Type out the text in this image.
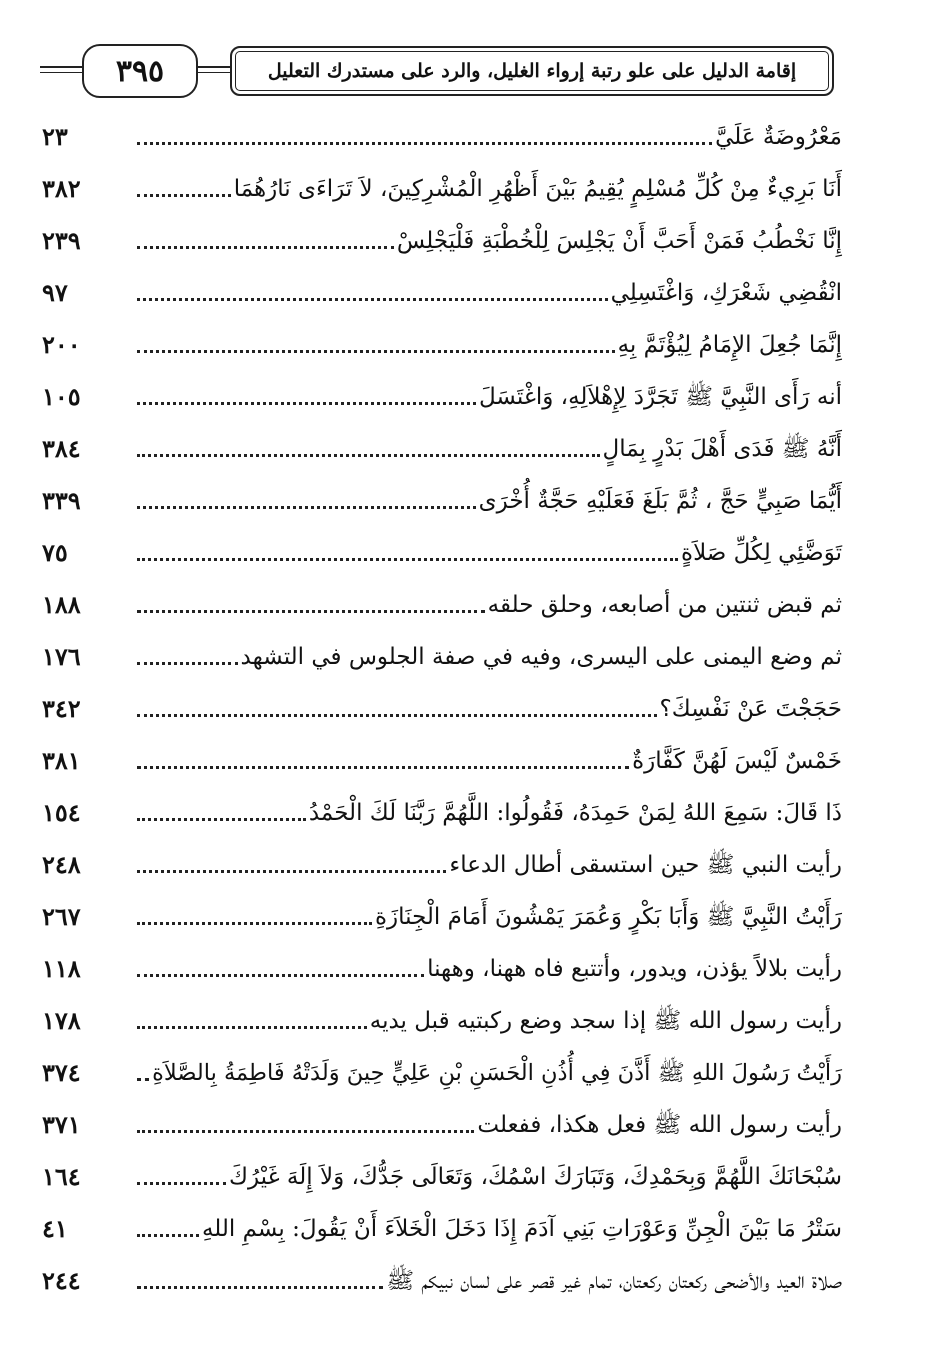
٣٩٥	إقامة الدليل على علو رتبة إرواء الغليل، والرد على مستدرك التعليل
مَعْرُوضَةٌ عَلَيَّ
٢٣
أَنَا بَرِيءٌ مِنْ كُلِّ مُسْلِمٍ يُقِيمُ بَيْنَ أَظْهُرِ الْمُشْرِكِينَ، لاَ تَرَاءَى نَارُهُمَا
٣٨٢
إِنَّا نَخْطُبُ فَمَنْ أَحَبَّ أَنْ يَجْلِسَ لِلْخُطْبَةِ فَلْيَجْلِسْ
٢٣٩
انْقُضِي شَعْرَكِ، وَاغْتَسِلِي
٩٧
إِنَّمَا جُعِلَ الإِمَامُ لِيُؤْتَمَّ بِهِ
٢٠٠
أنه رَأَى النَّبِيَّ ﷺ تَجَرَّدَ لِإِهْلاَلِهِ، وَاغْتَسَلَ
١٠٥
أَنَّهُ ﷺ فَدَى أَهْلَ بَدْرٍ بِمَالٍ
٣٨٤
أَيُّمَا صَبِيٍّ حَجَّ ، ثُمَّ بَلَغَ فَعَلَيْهِ حَجَّةٌ أُخْرَى
٣٣٩
تَوَضَّئِي لِكُلِّ صَلاَةٍ
٧٥
ثم قبض ثنتين من أصابعه، وحلق حلقه
١٨٨
ثم وضع اليمنى على اليسرى، وفيه في صفة الجلوس في التشهد
١٧٦
حَجَجْتَ عَنْ نَفْسِكَ؟
٣٤٢
خَمْسٌ لَيْسَ لَهُنَّ كَفَّارَةٌ
٣٨١
ذَا قَالَ: سَمِعَ اللهُ لِمَنْ حَمِدَهُ، فَقُولُوا: اللَّهُمَّ رَبَّنَا لَكَ الْحَمْدُ
١٥٤
رأيت النبي ﷺ حين استسقى أطال الدعاء
٢٤٨
رَأَيْتُ النَّبِيَّ ﷺ وَأَبَا بَكْرٍ وَعُمَرَ يَمْشُونَ أَمَامَ الْجِنَازَةِ
٢٦٧
رأيت بلالاً يؤذن، ويدور، وأتتبع فاه ههنا، وههنا
١١٨
رأيت رسول الله ﷺ إذا سجد وضع ركبتيه قبل يديه
١٧٨
رَأَيْتُ رَسُولَ اللهِ ﷺ أَذَّنَ فِي أُذُنِ الْحَسَنِ بْنِ عَلِيٍّ حِينَ وَلَدَتْهُ فَاطِمَةُ بِالصَّلاَةِ
٣٧٤
رأيت رسول الله ﷺ فعل هكذا، ففعلت
٣٧١
سُبْحَانَكَ اللَّهُمَّ وَبِحَمْدِكَ، وَتَبَارَكَ اسْمُكَ، وَتَعَالَى جَدُّكَ، وَلاَ إِلَهَ غَيْرُكَ
١٦٤
سَتْرُ مَا بَيْنَ الْجِنِّ وَعَوْرَاتِ بَنِي آدَمَ إِذَا دَخَلَ الْخَلاَءَ أَنْ يَقُولَ: بِسْمِ اللهِ
٤١
صلاة العيد والأضحى ركعتان ركعتان، تمام غير قصر على لسان نبيكم ﷺ
٢٤٤
